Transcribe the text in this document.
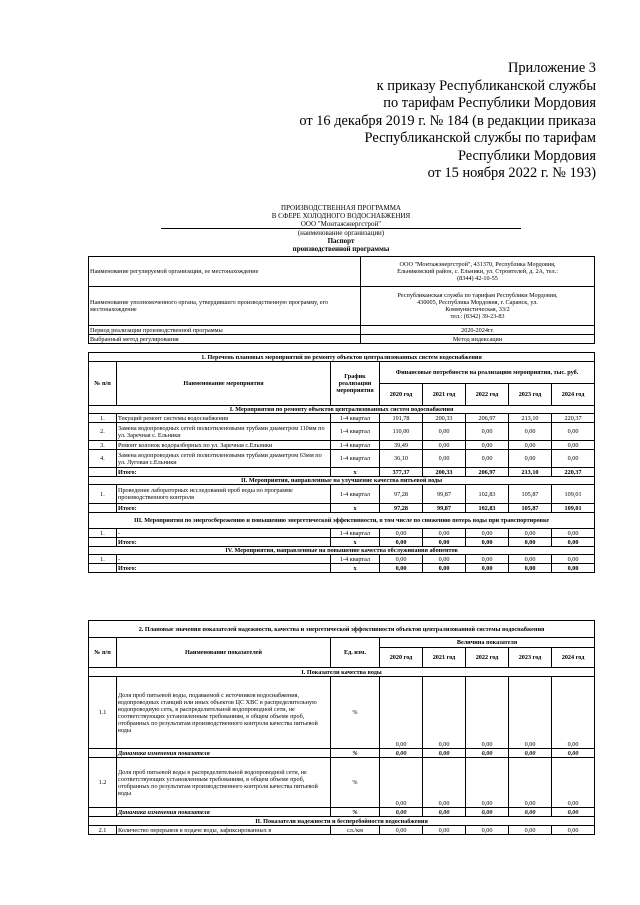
Приложение 3
к приказу Республиканской службы
по тарифам Республики Мордовия
от 16 декабря 2019 г. № 184 (в редакции приказа
Республиканской службы по тарифам
Республики Мордовия
от 15 ноября 2022 г. № 193)
ПРОИЗВОДСТВЕННАЯ ПРОГРАММА
В СФЕРЕ ХОЛОДНОГО ВОДОСНАБЖЕНИЯ
ООО "Монтажэнергстрой"
(наименование организации)
Паспорт
производственной программы
Наименование регулируемой организации, ее местонахождение	ООО "Монтажэнергстрой", 431370, Республика Мордовия,
Ельниковский район, с. Ельники, ул. Строителей, д. 2А, тел.:
(8344) 42-10-55

Наименование уполномоченного органа, утвердившего производственную программу, его местонахождение	Республиканская служба по тарифам Республики Мордовия,
430005, Республика Мордовия, г. Саранск, ул.
Коммунистическая, 33/2
тел.: (8342) 39-23-83

Период реализации производственной программы	2020-2024гг.
Выбранный метод регулирования	Метод индексации
1. Перечень плановых мероприятий по ремонту объектов централизованных систем водоснабжения							
№ п/п	Наименование мероприятия	График реализации мероприятия	Финансовые потребности на реализацию мероприятия, тыс. руб.				
			2020 год	2021 год	2022 год	2023 год	2024 год
I. Мероприятия по ремонту объектов централизованных систем водоснабжения							
1.	Текущий ремонт системы водоснабжения	1-4 квартал	191,78	200,33	206,97	213,10	220,37
2.	Замена водопроводных сетей полиэтиленовыми трубами диаметром 110мм по ул. Заречная с. Ельники	1-4 квартал	110,00	0,00	0,00	0,00	0,00
3.	Ремонт колонок водоразборных по ул. Заречная с.Ельники	1-4 квартал	39,49	0,00	0,00	0,00	0,00
4.	Замена водопроводных сетей полиэтиленовыми трубами диаметром 63мм по ул. Луговая с.Ельники	1-4 квартал	36,10	0,00	0,00	0,00	0,00
	Итого:	х	377,37	200,33	206,97	213,10	220,37
II. Мероприятия, направленные на улучшение качества питьевой воды							
1.	Проведение лабораторных исследований проб воды по программе производственного контроля	1-4 квартал	97,28	99,87	102,83	105,87	109,01
	Итого:	х	97,28	99,87	102,83	105,87	109,01
III. Мероприятия по энергосбережению и повышению энергетической эффективности, в том числе по снижению потерь воды при транспортировке							
1.	-	1-4 квартал	0,00	0,00	0,00	0,00	0,00
	Итого:	х	0,00	0,00	0,00	0,00	0,00
IV. Мероприятия, направленные на повышение качества обслуживания абонентов							
1.	-	1-4 квартал	0,00	0,00	0,00	0,00	0,00
	Итого:	х	0,00	0,00	0,00	0,00	0,00
2. Плановые значения показателей надежности, качества и энергетической эффективности объектов централизованной системы водоснабжения							
№ п/п	Наименование показателей	Ед. изм.	Величина показателя				
			2020 год	2021 год	2022 год	2023 год	2024 год
I. Показатели качества воды							
1.1	Доля проб питьевой воды, подаваемой с источников водоснабжения, водопроводных станций или иных объектов ЦС ХВС в распределительную водопроводную сеть, в распределительной водопроводной сети, не соответствующих установленным требованиям, в общем объеме проб, отобранных по результатам производственного контроля качества питьевой воды	%	0,00	0,00	0,00	0,00	0,00
	Динамика изменения показателя	%	0,00	0,00	0,00	0,00	0,00
1.2	Доля проб питьевой воды в распределительной водопроводной сети, не соответствующих установленным требованиям, в общем объеме проб, отобранных по результатам производственного контроля качества питьевой воды	%	0,00	0,00	0,00	0,00	0,00
	Динамика изменения показателя	%	0,00	0,00	0,00	0,00	0,00
II. Показатели надежности и бесперебойности водоснабжения							
2.1	Количество перерывов в подаче воды, зафиксированных в	сл./км	0,00	0,00	0,00	0,00	0,00
